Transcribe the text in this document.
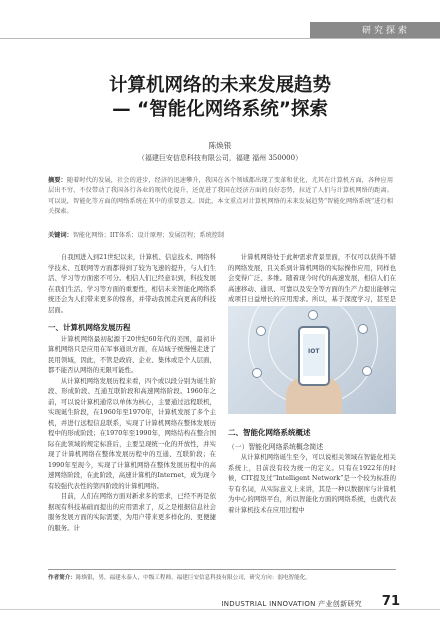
研究探索
计算机网络的未来发展趋势
— “智能化网络系统”探索
陈焕银
（福建巨安信息科技有限公司，福建 福州 350000）
摘要：随着时代的发展，社会的进步，经济的迅速攀升，我国在各个领域都出现了变革和优化，尤其在计算机方面，各种应用层出不穷，不仅带动了我国各行各业的现代化提升，还促进了我国在经济方面的良好态势，拉近了人们与计算机网络的距离。可以说，智能化等方面的网络系统在其中的重要意义。因此，本文重点对计算机网络的未来发展趋势“智能化网络系统”进行相关探索。
关键词：智能化网络；IIT体系；设计原理；发展历程；系统控制

自我国进入到21世纪以来，计算机、信息技术、网络科学技术、互联网等方面都得到了较为飞速的提升，与人们生活、学习等方面密不可分。相信人们已经意识到，科技发展在我们生活、学习等方面的重要性，相信未来智能化网络系统还会为人们带来更多的惊喜，并带动我国走向更高的科技层面。

一、计算机网络发展历程

计算机网络最初起源于20世纪60年代的美国，最初计算机网络只是应用在军事通讯方面，在局域子统慢慢走进了民用领域，因此，不管是政府、企业、集体或是个人层面，都不能否认网络的无限可能性。

从计算机网络发展历程来看，四个或以段分别为诞生阶段、形成阶段、互通互联阶段和高速网络阶段。1960年之前，可以说计算机通常以单体为核心，主要通过远程联机，实现诞生阶段，在1960年至1970年，计算机发展了多个主机，并进行远程信息联系，实现了计算机网络在整体发展历程中的形成阶段；在1970年至1990年，网络结构在整合国际在此领域的规定标准后，主要呈现统一化的开放性，并实现了计算机网络在整体发展历程中的互通、互联阶段；在1990年至现今，实现了计算机网络在整体发展历程中的高速网络阶段，在此阶段，高速计算机的Internet，成为现今有较强代表性的第四阶段的计算机网络。

目前，人们在网络方面对新求多的需求，已经不再是依据现有科技基础而提出的应用需求了，反之是根据信息社会服务发展方面的实际需要，为用户带来更多样化的、更便捷的服务。计

计算机网络处于此种需求背景里面，不仅可以获得不错的网络发展，且关系到计算机网络的实际操作应用，同样也会变得广泛、多维。随着现今时代的高速发展，相信人们在高速移动、通讯、可靠以及安全等方面的生产力提出能够完成项目日益增长的应用需求。所以，基于深度学习，甚至是

IOT

二、智能化网络系统概述

（一）智能化网络系统概念简述

从计算机网络诞生至今，可以说相关领域在智能化相关系统上，目前没有较为统一的定义。只有在1922年的时候，CIT提及过“Intelligent Network”是一个较为标准的专有名词，从实际意义上来讲，其是一种以数据库与计算机为中心的网络平台，所以智能化方面的网络系统，也就代表着计算机技术在应用过程中

作者简介：陈焕银，男，福建永泰人，中级工程师，福建巨安信息科技有限公司，研究方向：弱电智能化。
INDUSTRIAL INNOVATION 产业创新研究 71
